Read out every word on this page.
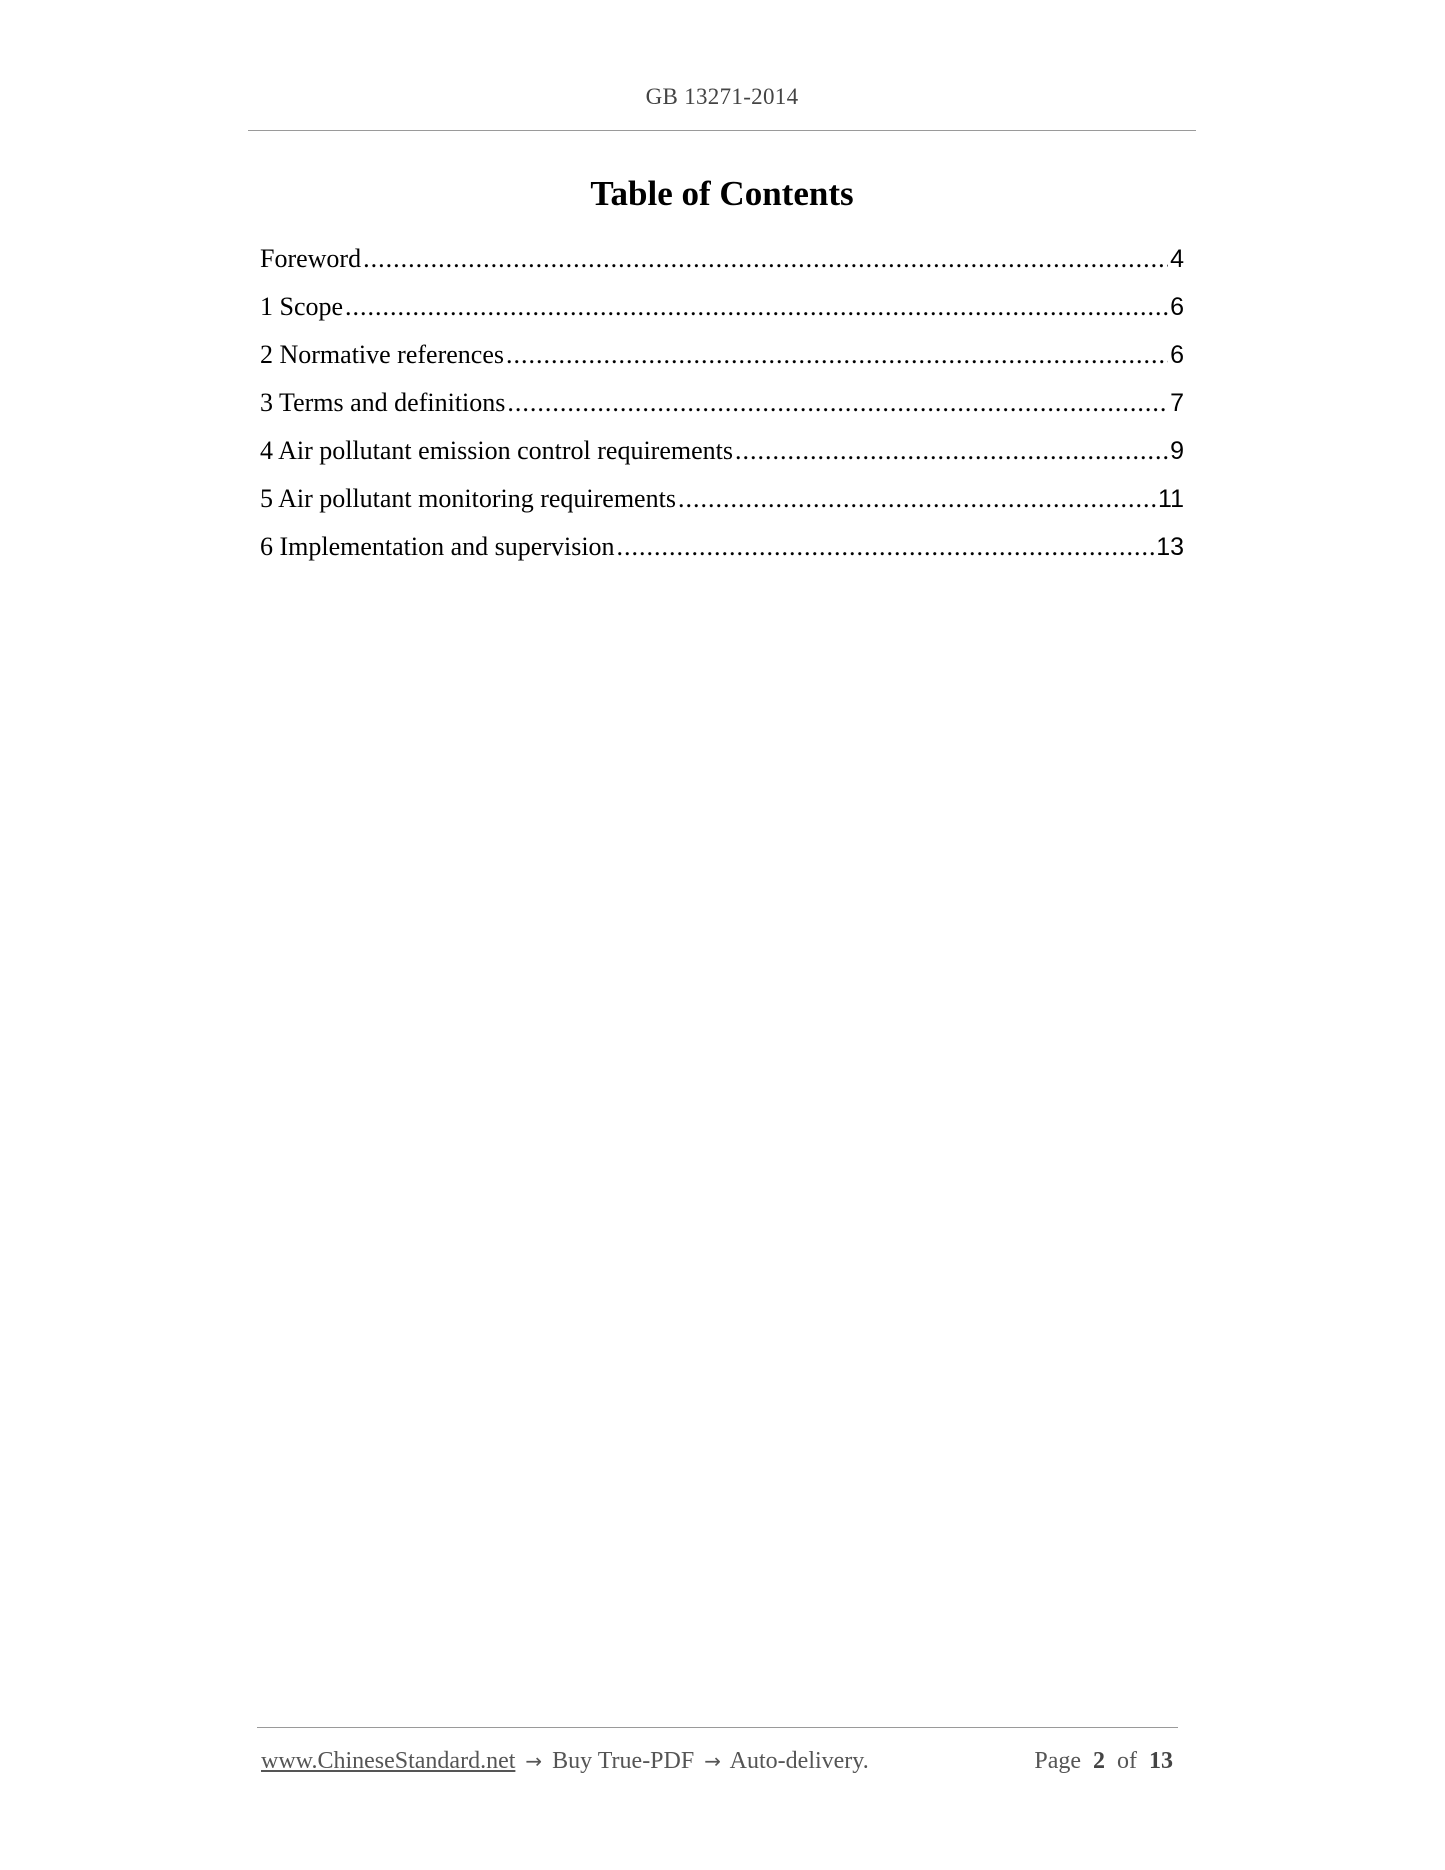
GB 13271-2014
Table of Contents
Foreword .....	4
1 Scope .....	6
2 Normative references .....	6
3 Terms and definitions .....	7
4 Air pollutant emission control requirements .....	9
5 Air pollutant monitoring requirements .....	11
6 Implementation and supervision .....	13
www.ChineseStandard.net → Buy True-PDF → Auto-delivery.	Page 2 of 13
